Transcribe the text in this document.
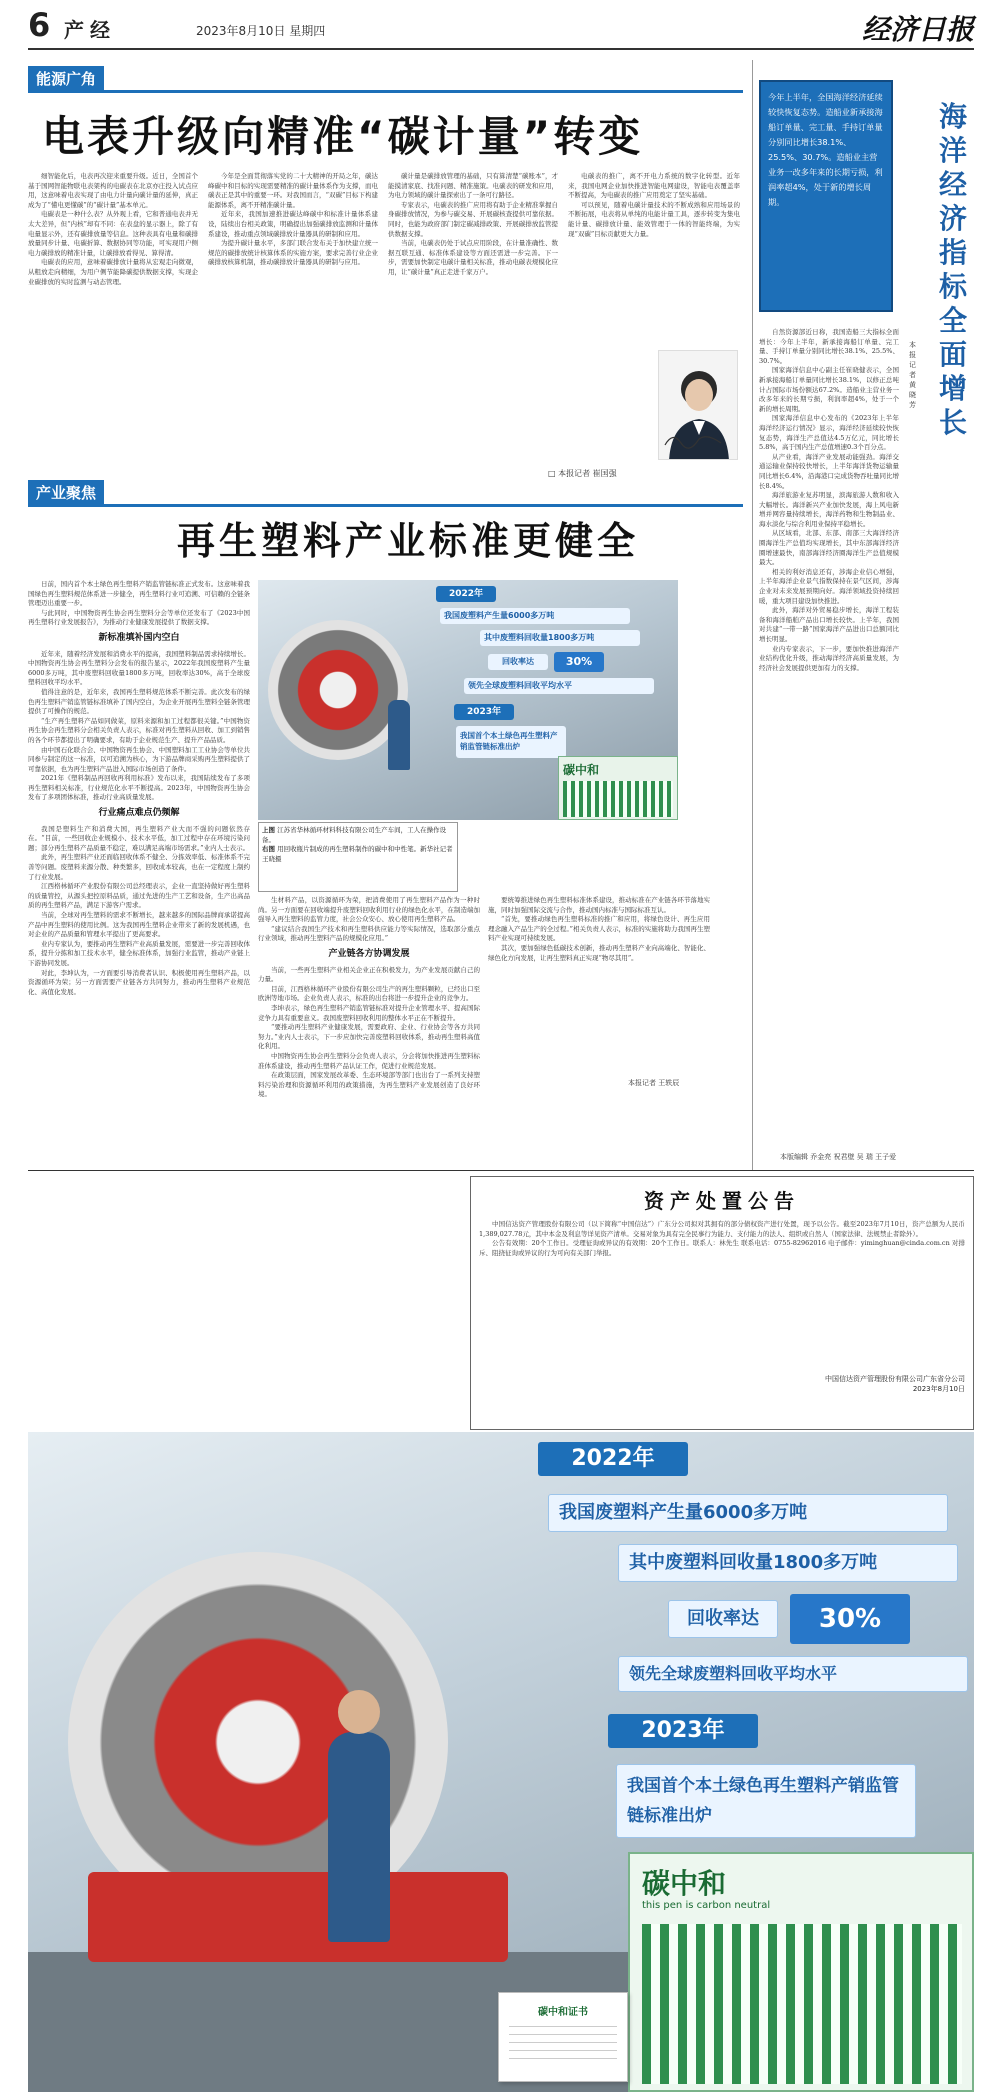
6 产经	2023年8月10日 星期四	经济日报
能源广角
电表升级向精准“碳计量”转变

细智能化后，电表再次迎来重要升级。近日，全国首个基于国网智能物联电表架构的电碳表在北京亦庄投入试点应用，这意味着电表实现了由电力计量向碳计量的延伸，真正成为了“懂电更懂碳”的“碳计量”基本单元。

电碳表是一种什么表？从外观上看，它和普通电表并无太大差异，但“内核”却有不同：在表盘的显示器上，除了有电量显示外，还有碳排放量等信息。这种表具有电量和碳排放量同步计量、电碳折算、数据协同等功能，可实现用户侧电力碳排放的精准计量，让碳排放看得见、算得清。

电碳表的应用，意味着碳排放计量将从宏观走向微观，从粗放走向精细，为用户侧节能降碳提供数据支撑，实现企业碳排放的实时监测与动态管理。

今年是全面贯彻落实党的二十大精神的开局之年，碳达峰碳中和目标的实现需要精准的碳计量体系作为支撑，而电碳表正是其中的重要一环。对我国而言，“双碳”目标下构建能源体系，离不开精准碳计量。

近年来，我国加速推进碳达峰碳中和标准计量体系建设，陆续出台相关政策，明确提出加强碳排放监测和计量体系建设，推动重点领域碳排放计量器具的研制和应用。

为提升碳计量水平，多部门联合发布关于加快建立统一规范的碳排放统计核算体系的实施方案，要求完善行业企业碳排放核算机制，推动碳排放计量器具的研制与应用。

碳计量是碳排放管理的基础，只有算清楚“碳账本”，才能摸清家底、找准问题、精准施策。电碳表的研发和应用，为电力领域的碳计量探索出了一条可行路径。

专家表示，电碳表的推广应用将有助于企业精准掌握自身碳排放情况，为参与碳交易、开展碳核查提供可靠依据。同时，也能为政府部门制定碳减排政策、开展碳排放监管提供数据支撑。

当前，电碳表仍处于试点应用阶段，在计量准确性、数据互联互通、标准体系建设等方面还需进一步完善。下一步，需要加快制定电碳计量相关标准，推动电碳表规模化应用，让“碳计量”真正走进千家万户。

电碳表的推广，离不开电力系统的数字化转型。近年来，我国电网企业加快推进智能电网建设，智能电表覆盖率不断提高，为电碳表的推广应用奠定了坚实基础。

可以预见，随着电碳计量技术的不断成熟和应用场景的不断拓展，电表将从单纯的电能计量工具，逐步转变为集电能计量、碳排放计量、能效管理于一体的智能终端，为实现“双碳”目标贡献更大力量。

□ 本报记者 崔国强

今年上半年，全国海洋经济延续较快恢复态势。造船业新承接海船订单量、完工量、手持订单量分别同比增长38.1%、25.5%、30.7%。造船业主营业务一改多年来的长期亏损，利润率超4%，处于新的增长周期。

海洋经济指标全面增长
本报记者 黄晓芳

自然资源部近日称，我国造船三大指标全面增长：今年上半年，新承接海船订单量、完工量、手持订单量分别同比增长38.1%、25.5%、30.7%。

国家海洋信息中心副主任崔晓健表示，全国新承接海船订单量同比增长38.1%，以修正总吨计占国际市场份额达67.2%。造船业主营业务一改多年来的长期亏损，利润率超4%，处于一个新的增长周期。

国家海洋信息中心发布的《2023年上半年海洋经济运行情况》显示，海洋经济延续较快恢复态势，海洋生产总值达4.5万亿元，同比增长5.8%，高于国内生产总值增速0.3个百分点。

从产业看，海洋产业发展动能强劲。海洋交通运输业保持较快增长，上半年海洋货物运输量同比增长6.4%，沿海港口完成货物吞吐量同比增长8.4%。

海洋旅游业复苏明显，滨海旅游人数和收入大幅增长。海洋新兴产业加快发展，海上风电新增并网容量持续增长，海洋药物和生物制品业、海水淡化与综合利用业保持平稳增长。

从区域看，北部、东部、南部三大海洋经济圈海洋生产总值均实现增长，其中东部海洋经济圈增速最快，南部海洋经济圈海洋生产总值规模最大。

相关的利好消息还有，涉海企业信心增强，上半年海洋企业景气指数保持在景气区间，涉海企业对未来发展预期向好。海洋领域投资持续回暖，重大项目建设加快推进。

此外，海洋对外贸易稳步增长，海洋工程装备和海洋船舶产品出口增长较快。上半年，我国对共建“一带一路”国家海洋产品进出口总额同比增长明显。

业内专家表示，下一步，要加快推进海洋产业结构优化升级，推动海洋经济高质量发展，为经济社会发展提供更加有力的支撑。

产业聚焦
再生塑料产业标准更健全

日前，国内首个本土绿色再生塑料产销监管链标准正式发布。这意味着我国绿色再生塑料规范体系进一步健全，再生塑料行业可追溯、可信赖的全链条管理迈出重要一步。

与此同时，中国物资再生协会再生塑料分会等单位还发布了《2023中国再生塑料行业发展报告》，为推动行业健康发展提供了数据支撑。

新标准填补国内空白

近年来，随着经济发展和消费水平的提高，我国塑料制品需求持续增长。中国物资再生协会再生塑料分会发布的报告显示，2022年我国废塑料产生量6000多万吨，其中废塑料回收量1800多万吨，回收率达30%，高于全球废塑料回收平均水平。

值得注意的是，近年来，我国再生塑料规范体系不断完善。此次发布的绿色再生塑料产销监管链标准填补了国内空白，为企业开展再生塑料全链条管理提供了可操作的规范。

“生产再生塑料产品如同做菜，原料来源和加工过程都很关键。”中国物资再生协会再生塑料分会相关负责人表示，标准对再生塑料从回收、加工到销售的各个环节都提出了明确要求，有助于企业规范生产、提升产品品质。

由中国石化联合会、中国物资再生协会、中国塑料加工工业协会等单位共同参与制定的这一标准，以可追溯为核心，为下游品牌商采购再生塑料提供了可靠依据，也为再生塑料产品进入国际市场创造了条件。

2021年《塑料制品再回收再利用标准》发布以来，我国陆续发布了多项再生塑料相关标准，行业规范化水平不断提高。2023年，中国物资再生协会发布了多项团体标准，推动行业高质量发展。

行业痛点难点仍频解

我国是塑料生产和消费大国，再生塑料产业大而不强的问题依然存在。“目前，一些回收企业规模小、技术水平低，加工过程中存在环境污染问题；部分再生塑料产品质量不稳定，难以满足高端市场需求。”业内人士表示。

此外，再生塑料产业还面临回收体系不健全、分拣效率低、标准体系不完善等问题。废塑料来源分散、种类繁多，回收成本较高，也在一定程度上制约了行业发展。

江西格林循环产业股份有限公司总经理表示，企业一直坚持做好再生塑料的质量管控，从源头把控原料品质，通过先进的生产工艺和设备，生产出高品质的再生塑料产品，满足下游客户需求。

当前，全球对再生塑料的需求不断增长，越来越多的国际品牌商承诺提高产品中再生塑料的使用比例。这为我国再生塑料企业带来了新的发展机遇，也对企业的产品质量和管理水平提出了更高要求。

业内专家认为，要推动再生塑料产业高质量发展，需要进一步完善回收体系，提升分拣和加工技术水平，健全标准体系，加强行业监管，推动产业链上下游协同发展。

对此，李坤认为，一方面要引导消费者认识、积极使用再生塑料产品，以资源循环为荣；另一方面需要产业链各方共同努力，推动再生塑料产业规范化、高值化发展。

2022年
我国废塑料产生量6000多万吨
其中废塑料回收量1800多万吨
回收率达	30%
领先全球废塑料回收平均水平
2023年
我国首个本土绿色再生塑料产销监管链标准出炉
碳中和

上图 江苏省华林循环材料科技有限公司生产车间，工人在操作设备。

右图 用回收瓶片制成的再生塑料制作的碳中和中性笔。新华社记者 王晓摄

生材料产品，以资源循环为荣，把消费使用了再生塑料产品作为一种时尚。另一方面要在回收端提升废塑料回收利用行业的绿色化水平，在制造端加强导入再生塑料的监管力度，社会公众安心、放心使用再生塑料产品。

“建议结合我国生产技术和再生塑料供应能力等实际情况，选取部分重点行业领域，推动再生塑料产品的规模化应用。”

产业链各方协调发展

当前，一些再生塑料产业相关企业正在积极发力，为产业发展贡献自己的力量。

目前，江西格林循环产业股份有限公司生产的再生塑料颗粒，已经出口至欧洲等地市场。企业负责人表示，标准的出台将进一步提升企业的竞争力。

李坤表示，绿色再生塑料产销监管链标准对提升企业管理水平、提高国际竞争力具有重要意义。我国废塑料回收利用的整体水平正在不断提升。

“要推动再生塑料产业健康发展，需要政府、企业、行业协会等各方共同努力。”业内人士表示，下一步应加快完善废塑料回收体系，推动再生塑料高值化利用。

中国物资再生协会再生塑料分会负责人表示，分会将加快推进再生塑料标准体系建设，推动再生塑料产品认证工作，促进行业规范发展。

在政策层面，国家发展改革委、生态环境部等部门也出台了一系列支持塑料污染治理和资源循环利用的政策措施，为再生塑料产业发展创造了良好环境。

要统筹推进绿色再生塑料标准体系建设，推动标准在产业链各环节落地实施，同时加强国际交流与合作，推动国内标准与国际标准互认。

“首先，要推动绿色再生塑料标准的推广和应用，将绿色设计、再生应用理念融入产品生产的全过程。”相关负责人表示，标准的实施将助力我国再生塑料产业实现可持续发展。

其次，要加强绿色低碳技术创新，推动再生塑料产业向高端化、智能化、绿色化方向发展，让再生塑料真正实现“物尽其用”。

本报记者 王轶辰
本版编辑 乔金亮 祝君壁 吴 瑞 王子爱
资产处置公告

中国信达资产管理股份有限公司（以下简称“中国信达”）广东分公司拟对其拥有的部分债权资产进行处置，现予以公告。截至2023年7月10日，资产总额为人民币1,389,027.78元，其中本金及利息等详见资产清单。交易对象为具有完全民事行为能力、支付能力的法人、组织或自然人（国家法律、法规禁止者除外）。

公告有效期：20个工作日。受理征询或异议的有效期：20个工作日。联系人：林先生 联系电话：0755-82962016 电子邮件：yiminghuan@cinda.com.cn 对排斥、阻挠征询或异议的行为可向有关部门举报。

中国信达资产管理股份有限公司广东省分公司
2023年8月10日
2022年
我国废塑料产生量6000多万吨
其中废塑料回收量1800多万吨
回收率达	30%
领先全球废塑料回收平均水平
2023年
我国首个本土绿色再生塑料产销监管链标准出炉
碳中和
this pen is carbon neutral
碳中和证书
